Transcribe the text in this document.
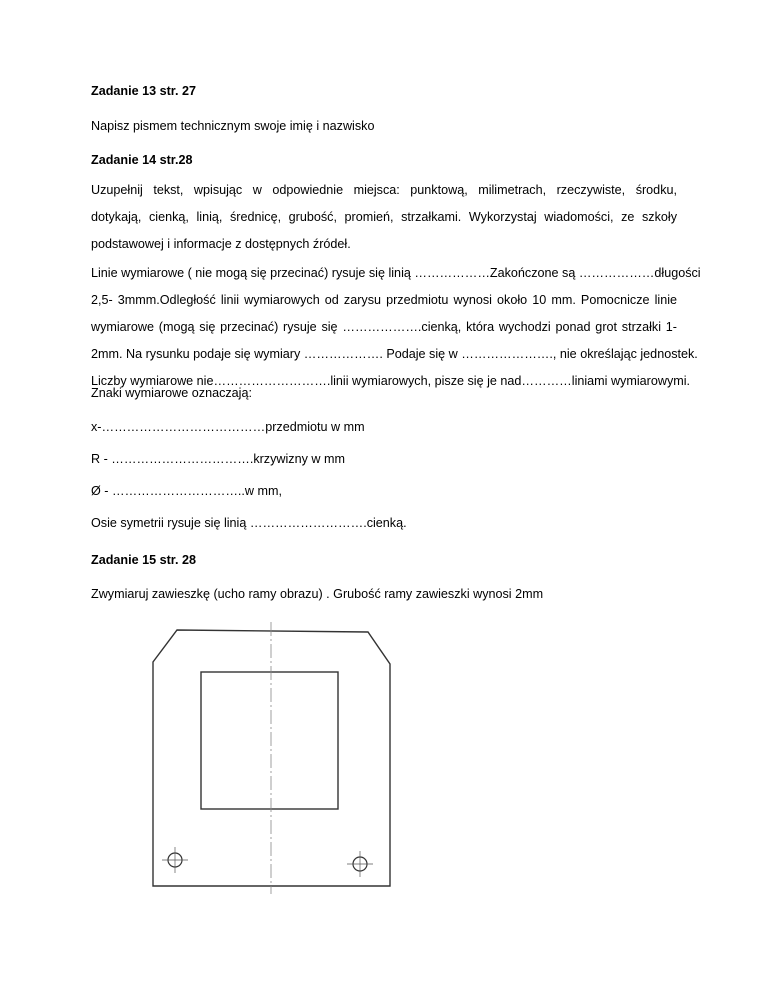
Zadanie 13 str. 27
Napisz pismem technicznym swoje imię i nazwisko
Zadanie 14 str.28
Uzupełnij tekst, wpisując w odpowiednie miejsca: punktową, milimetrach, rzeczywiste, środku,
dotykają, cienką, linią, średnicę, grubość, promień, strzałkami. Wykorzystaj wiadomości, ze szkoły
podstawowej i informacje z dostępnych źródeł.
Linie wymiarowe ( nie mogą się przecinać) rysuje się linią ………………Zakończone są ………………długości
2,5- 3mmm.Odległość linii wymiarowych od zarysu przedmiotu wynosi około 10 mm. Pomocnicze linie
wymiarowe (mogą się przecinać) rysuje się ……………….cienką, która wychodzi ponad grot strzałki 1-
2mm. Na rysunku podaje się wymiary ………………. Podaje się w …………………., nie określając jednostek.
Liczby wymiarowe nie……………………….linii wymiarowych, pisze się je nad…………liniami wymiarowymi.
Znaki wymiarowe oznaczają:
x-…………………………………przedmiotu w mm
R - …………………………….krzywizny w mm
Ø - …………………………..w mm,
Osie symetrii rysuje się linią ……………………….cienką.
Zadanie 15 str. 28
Zwymiaruj zawieszkę (ucho ramy obrazu) . Grubość ramy zawieszki wynosi 2mm
